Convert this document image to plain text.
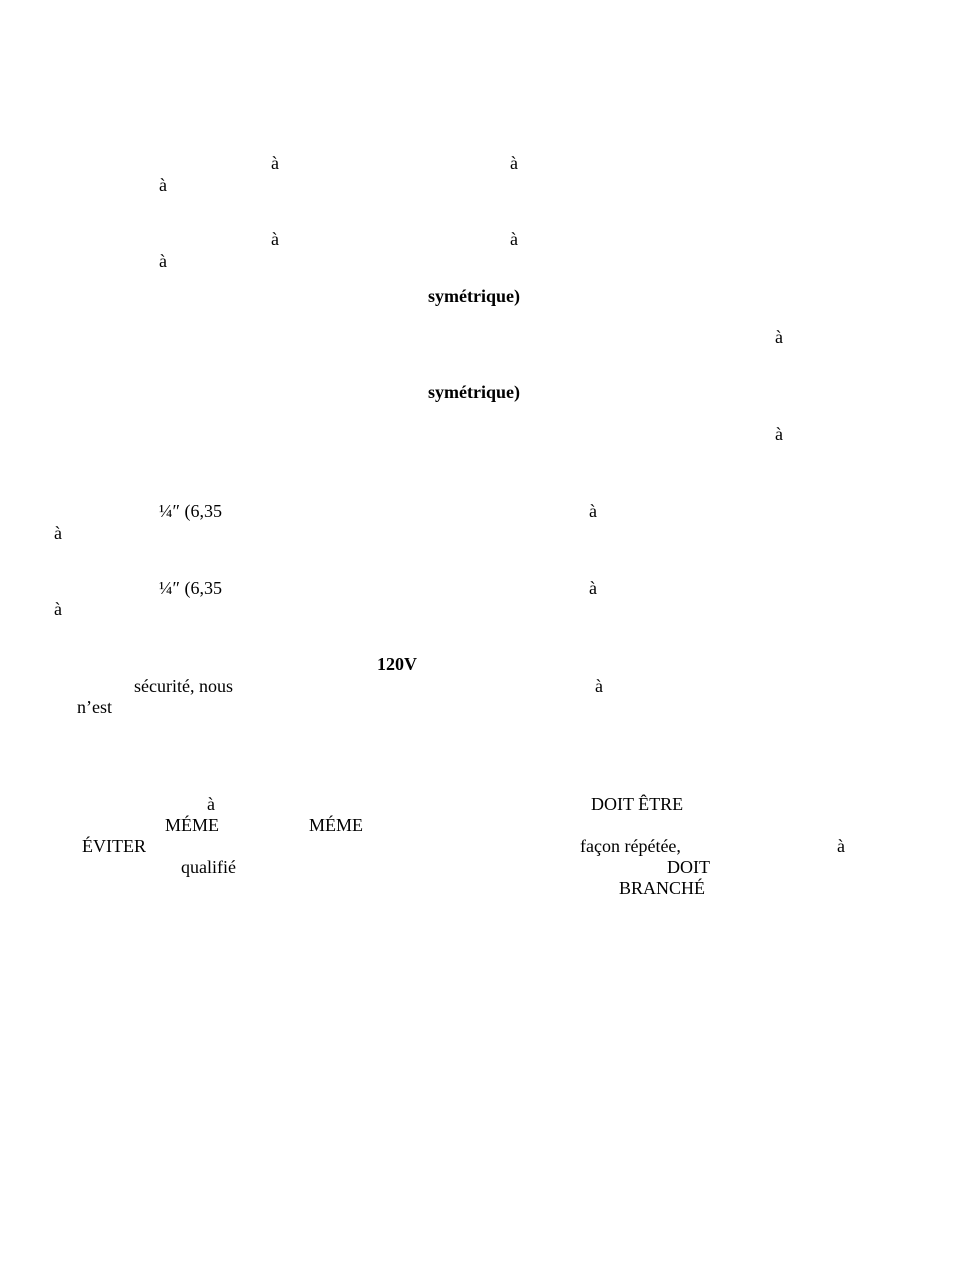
à	à
à
à	à
à
symétrique)
à
symétrique)
à
¼″ (6,35	à
à
¼″ (6,35	à
à
120V
sécurité, nous	à
n’est
à	DOIT ÊTRE
MÉME	MÉME
ÉVITER	façon répétée,	à
qualifié	DOIT
BRANCHÉ
